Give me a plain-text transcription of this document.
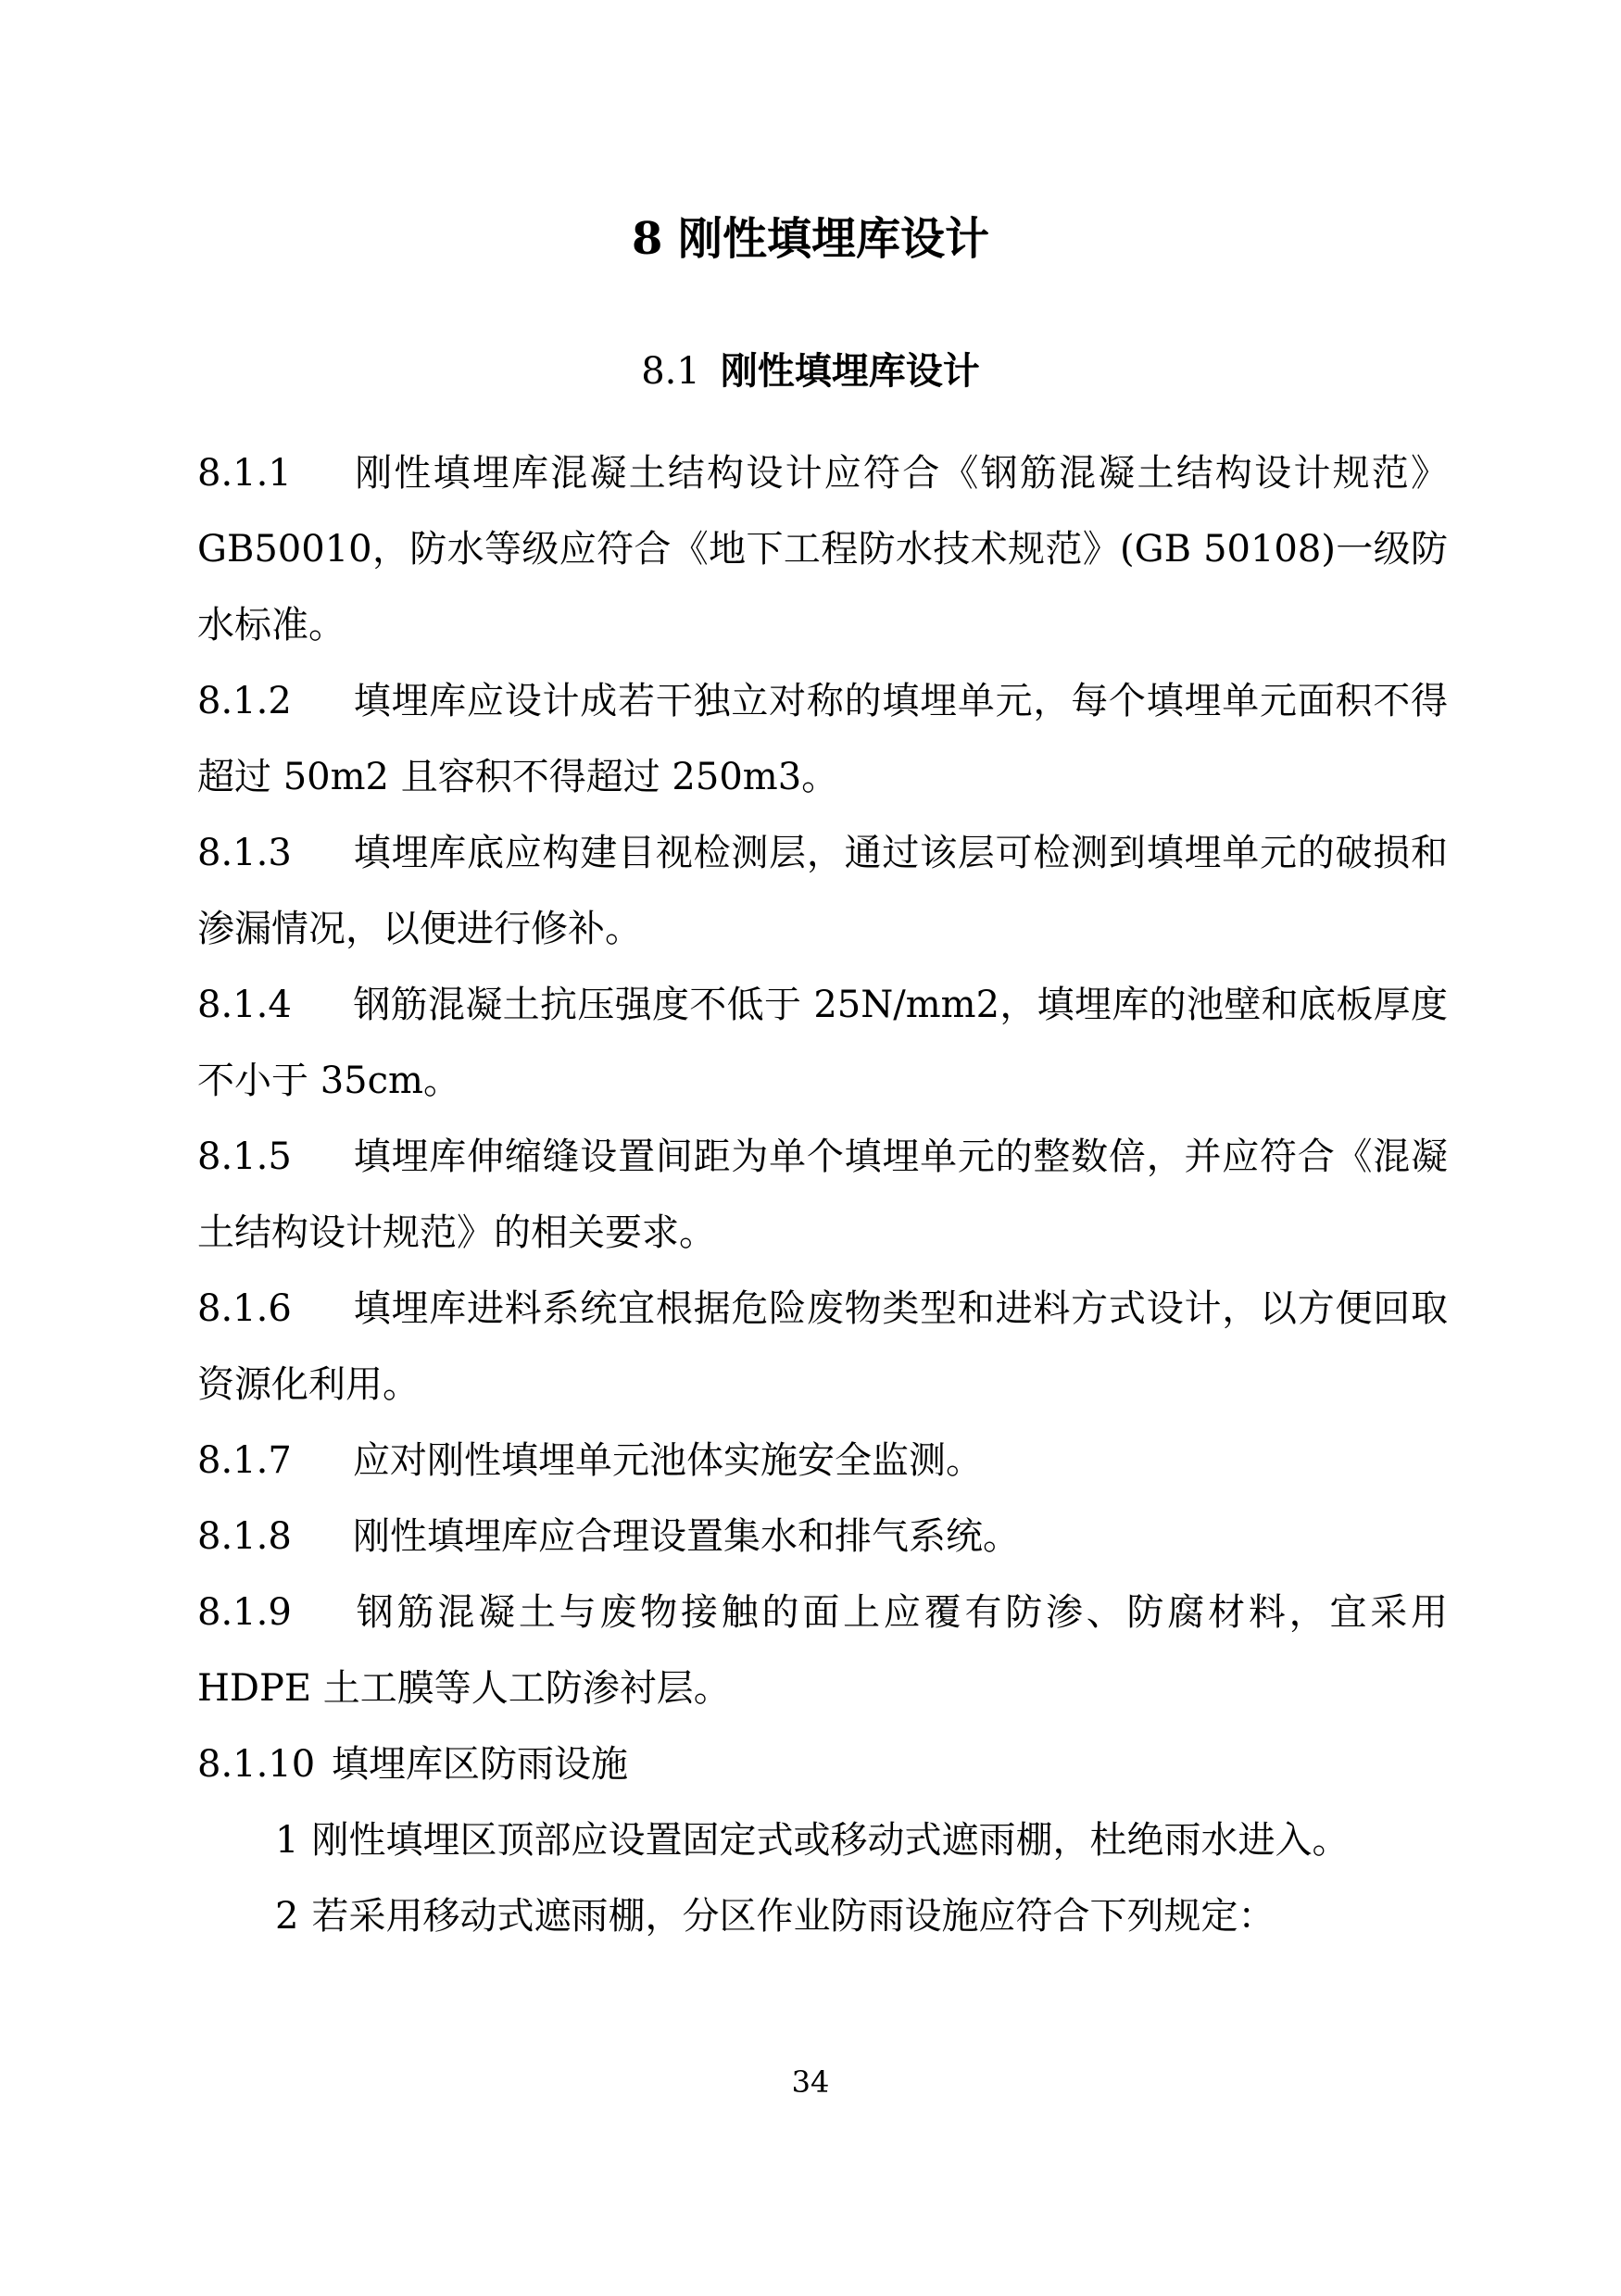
8 刚性填埋库设计
8.1 刚性填埋库设计

8.1.1 刚性填埋库混凝土结构设计应符合《钢筋混凝土结构设计规范》GB50010，防水等级应符合《地下工程防水技术规范》(GB 50108)一级防水标准。

8.1.2 填埋库应设计成若干独立对称的填埋单元，每个填埋单元面积不得超过 50m2 且容积不得超过 250m3。

8.1.3 填埋库底应构建目视检测层，通过该层可检测到填埋单元的破损和渗漏情况，以便进行修补。

8.1.4 钢筋混凝土抗压强度不低于 25N/mm2，填埋库的池壁和底板厚度不小于 35cm。

8.1.5 填埋库伸缩缝设置间距为单个填埋单元的整数倍，并应符合《混凝土结构设计规范》的相关要求。

8.1.6 填埋库进料系统宜根据危险废物类型和进料方式设计，以方便回取资源化利用。

8.1.7 应对刚性填埋单元池体实施安全监测。

8.1.8 刚性填埋库应合理设置集水和排气系统。

8.1.9 钢筋混凝土与废物接触的面上应覆有防渗、防腐材料，宜采用 HDPE 土工膜等人工防渗衬层。

8.1.10 填埋库区防雨设施

1 刚性填埋区顶部应设置固定式或移动式遮雨棚，杜绝雨水进入。

2 若采用移动式遮雨棚，分区作业防雨设施应符合下列规定：

34
